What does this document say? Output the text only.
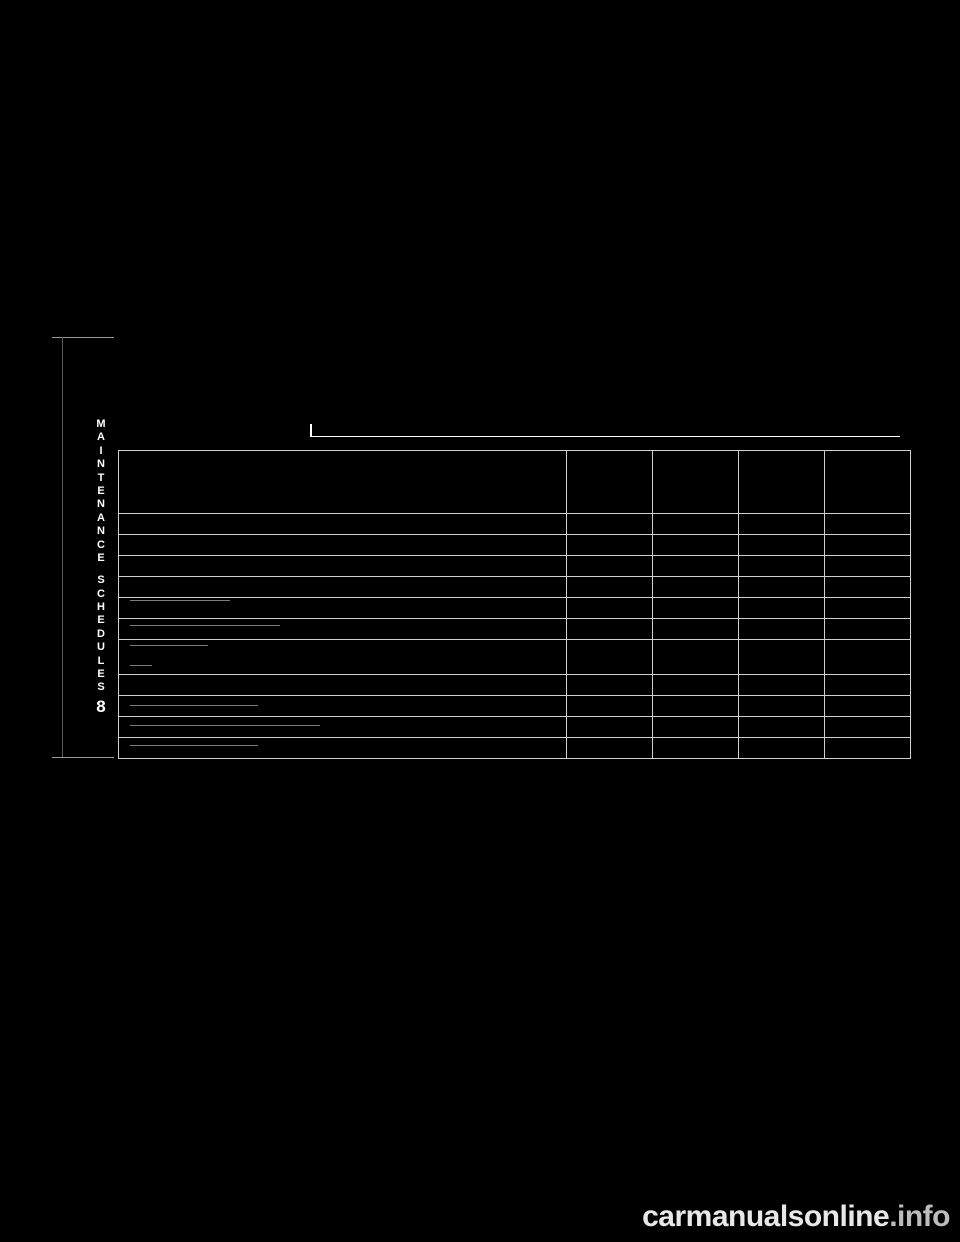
M
A
I
N
T
E
N
A
N
C
E
S
C
H
E
D
U
L
E
S
8

carmanualsonline.info
